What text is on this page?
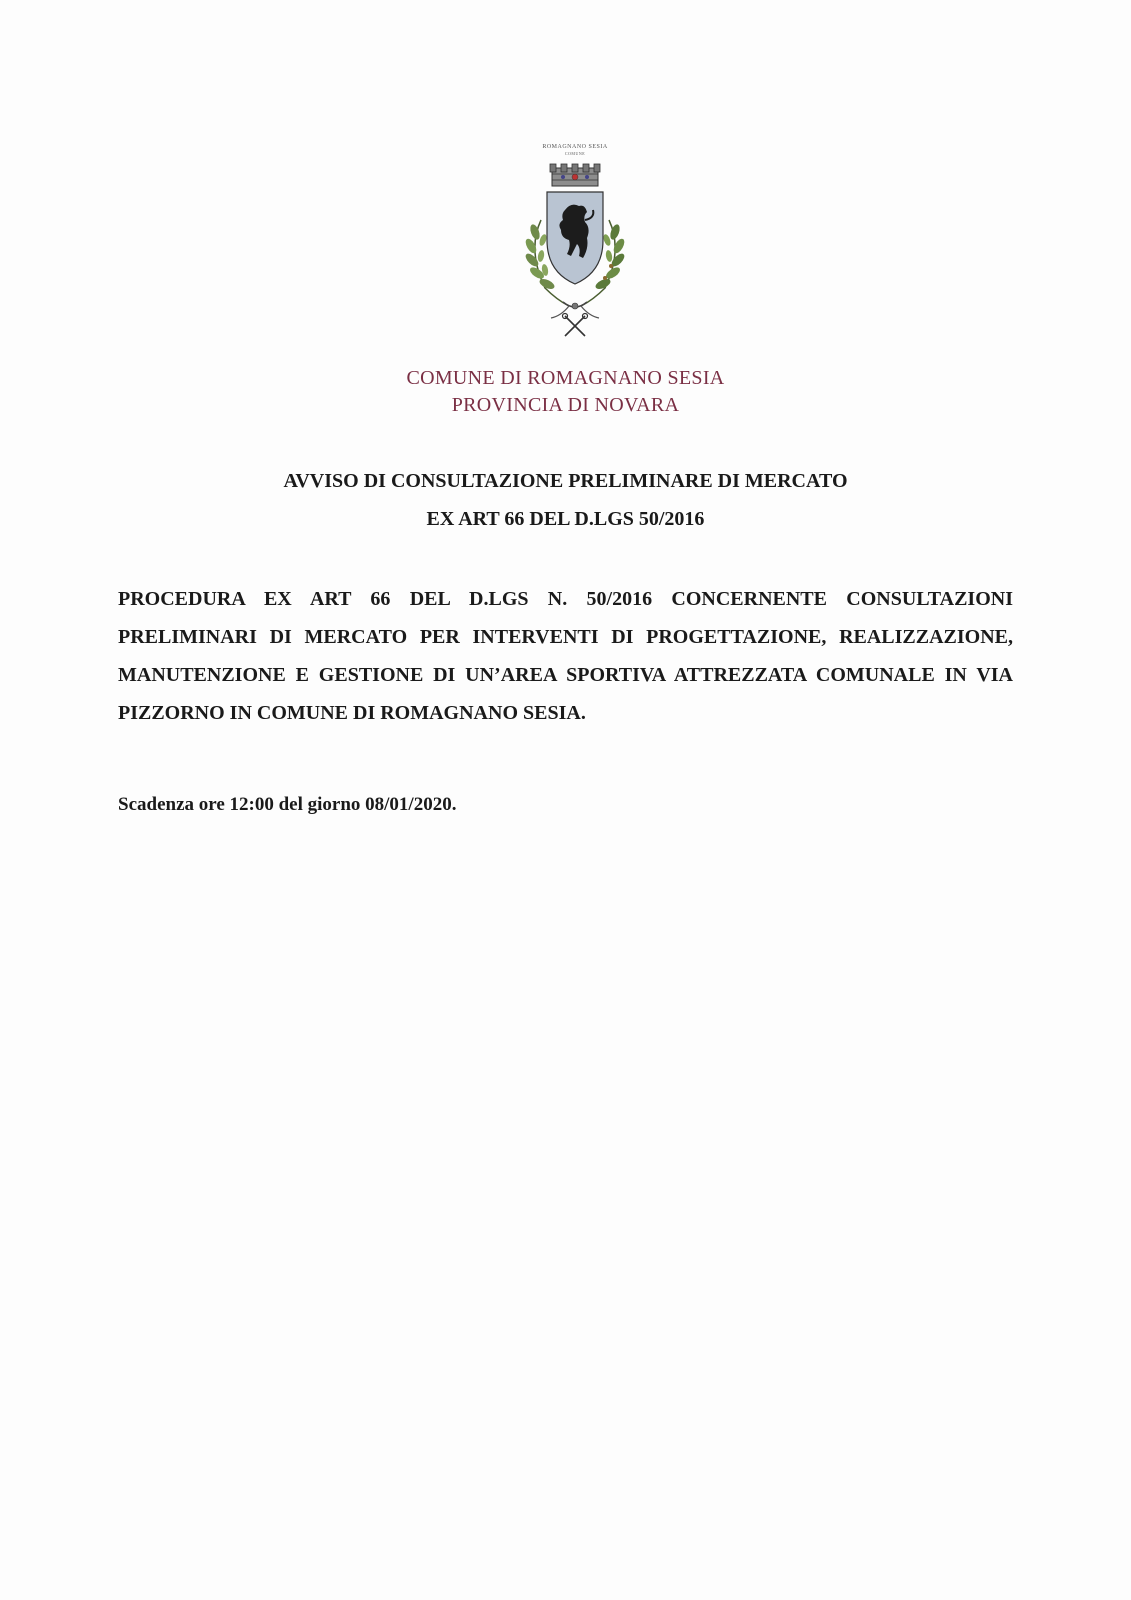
ROMAGNANO SESIA
COMUNE
COMUNE DI ROMAGNANO SESIA
PROVINCIA DI NOVARA
AVVISO DI CONSULTAZIONE PRELIMINARE DI MERCATO
EX ART 66 DEL D.LGS 50/2016
PROCEDURA EX ART 66 DEL D.LGS N. 50/2016 CONCERNENTE CONSULTAZIONI PRELIMINARI DI MERCATO PER INTERVENTI DI PROGETTAZIONE, REALIZZAZIONE, MANUTENZIONE E GESTIONE DI UN’AREA SPORTIVA ATTREZZATA COMUNALE IN VIA PIZZORNO IN COMUNE DI ROMAGNANO SESIA.
Scadenza ore 12:00 del giorno 08/01/2020.
